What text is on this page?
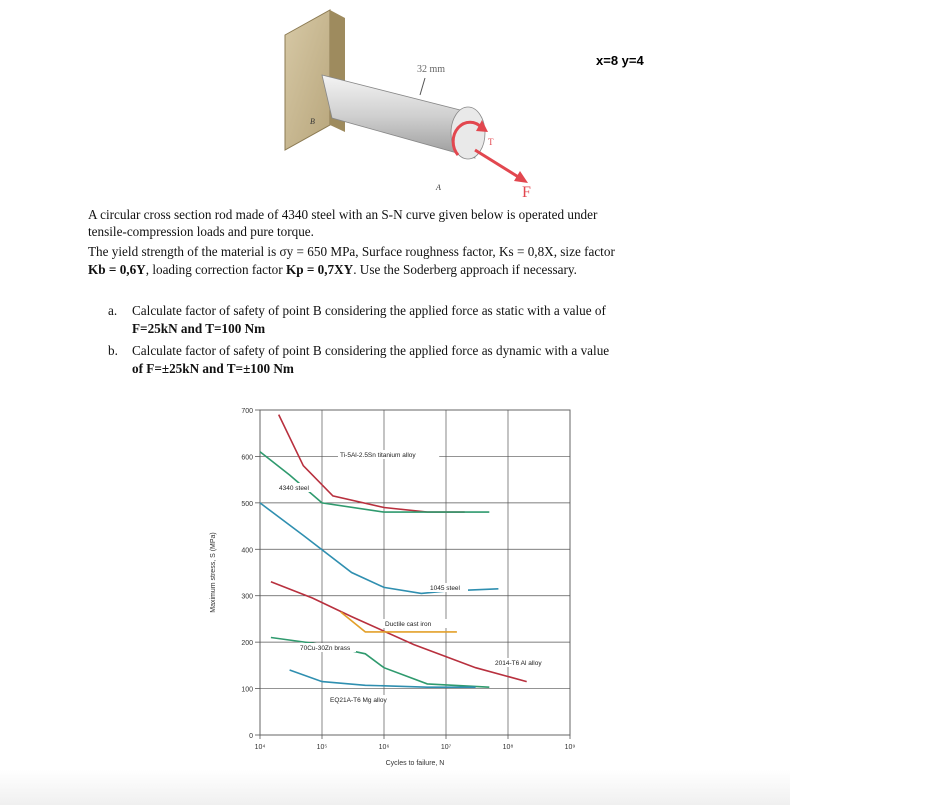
x=8 y=4
32 mm
B
A
T
F

A circular cross section rod made of 4340 steel with an S-N curve given below is operated under

tensile-compression loads and pure torque.

The yield strength of the material is σy = 650 MPa, Surface roughness factor, Ks = 0,8X, size factor

Kb = 0,6Y, loading correction factor Kp = 0,7XY. Use the Soderberg approach if necessary.

a. Calculate factor of safety of point B considering the applied force as static with a value of
F=25kN and T=100 Nm
b. Calculate factor of safety of point B considering the applied force as dynamic with a value
of F=±25kN and T=±100 Nm
0
100
200
300
400
500
600
700
10⁴	10⁵	10⁶	10⁷	10⁸	10⁹
Cycles to failure, N
Maximum stress, S (MPa)
Ti-5Al-2.5Sn titanium alloy
4340 steel
1045 steel
2014-T6 Al alloy
Ductile cast iron
70Cu-30Zn brass
EQ21A-T6 Mg alloy
